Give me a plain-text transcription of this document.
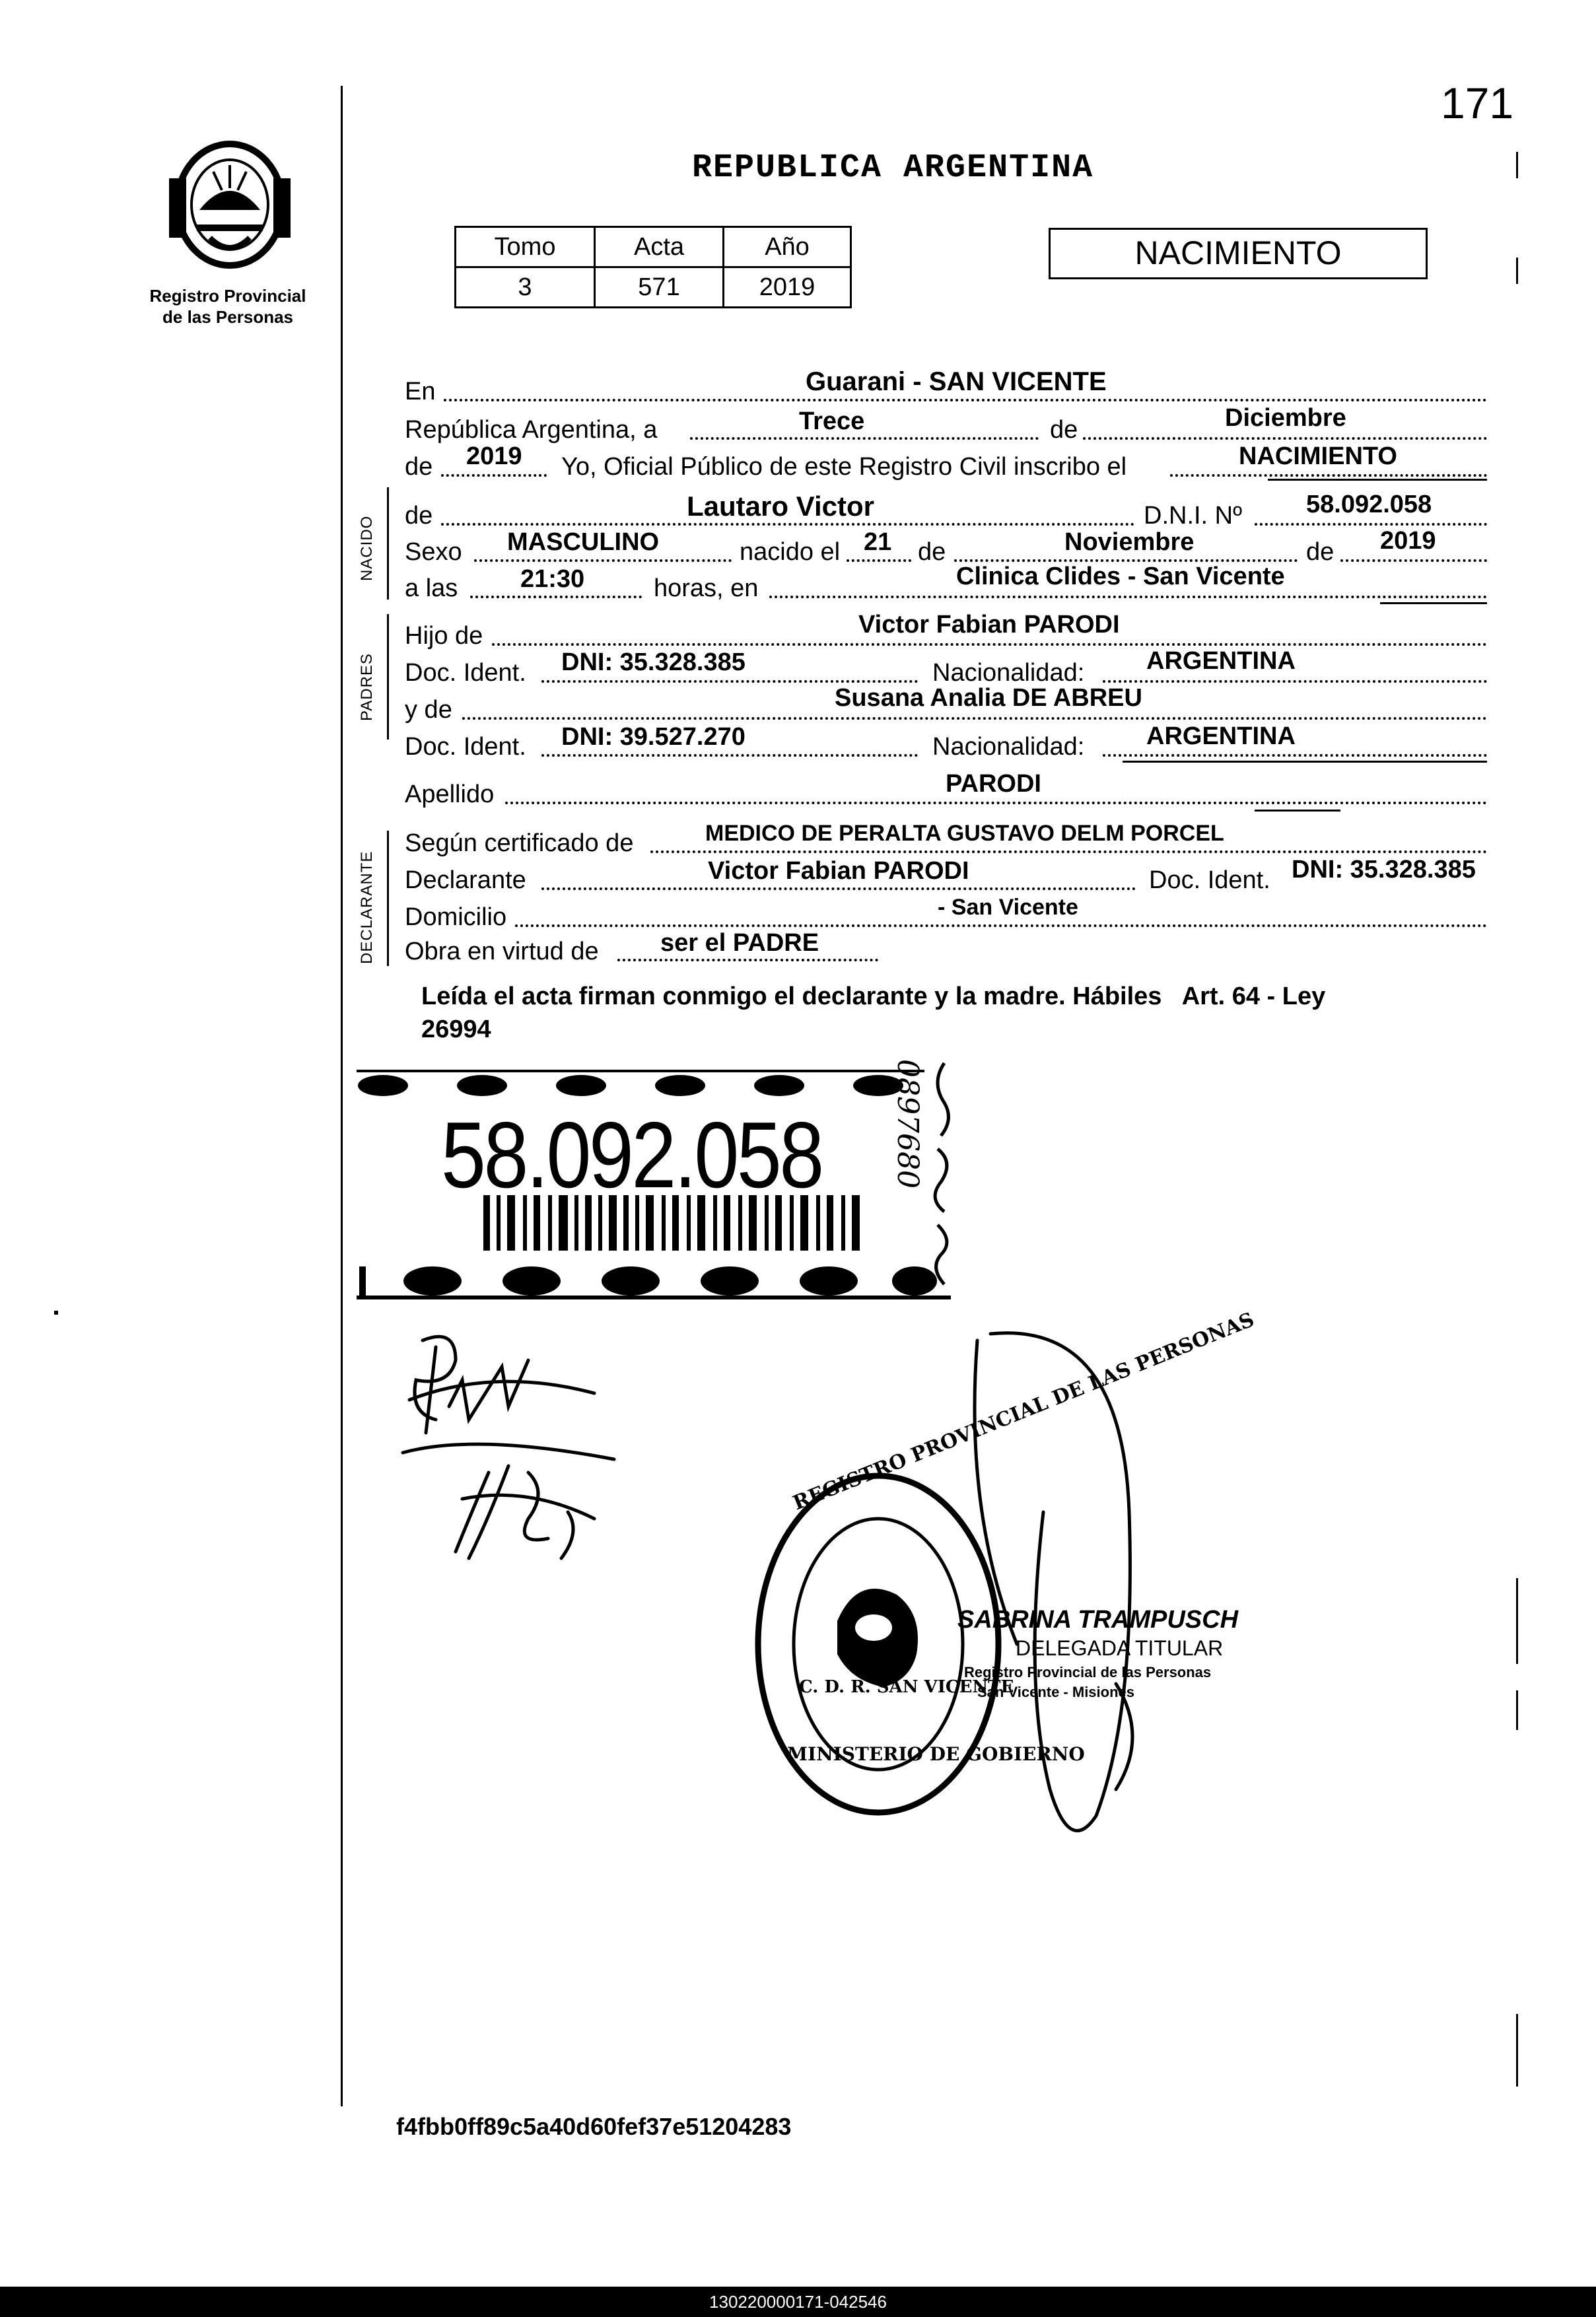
171
Registro Provincial
de las Personas
REPUBLICA ARGENTINA
Tomo	Acta	Año
3	571	2019
NACIMIENTO
En	Guarani - SAN VICENTE
República Argentina, a	Trece	de	Diciembre
de 2019 Yo, Oficial Público de este Registro Civil inscribo el	NACIMIENTO
NACIDO de	Lautaro Victor	D.N.I. Nº	58.092.058
Sexo MASCULINO	nacido el 21 de	Noviembre	de 2019
a las 21:30	horas, en	Clinica Clides - San Vicente
PADRES
Hijo de	Victor Fabian PARODI
Doc. Ident. DNI: 35.328.385	Nacionalidad: ARGENTINA
y de	Susana Analia DE ABREU
Doc. Ident. DNI: 39.527.270	Nacionalidad: ARGENTINA
Apellido	PARODI
DECLARANTE
Según certificado de	MEDICO DE PERALTA GUSTAVO DELM PORCEL
Declarante	Victor Fabian PARODI	Doc. Ident. DNI: 35.328.385
Domicilio	- San Vicente
Obra en virtud de ser el PADRE
Leída el acta firman conmigo el declarante y la madre. Hábiles   Art. 64 - Ley
26994
58.092.058 0897680
REGISTRO PROVINCIAL DE LAS PERSONAS
C. D. R. SAN VICENTE
MINISTERIO DE GOBIERNO
SABRINA TRAMPUSCH
DELEGADA TITULAR
Registro Provincial de las Personas
San Vicente - Misiones
f4fbb0ff89c5a40d60fef37e51204283
130220000171-042546
